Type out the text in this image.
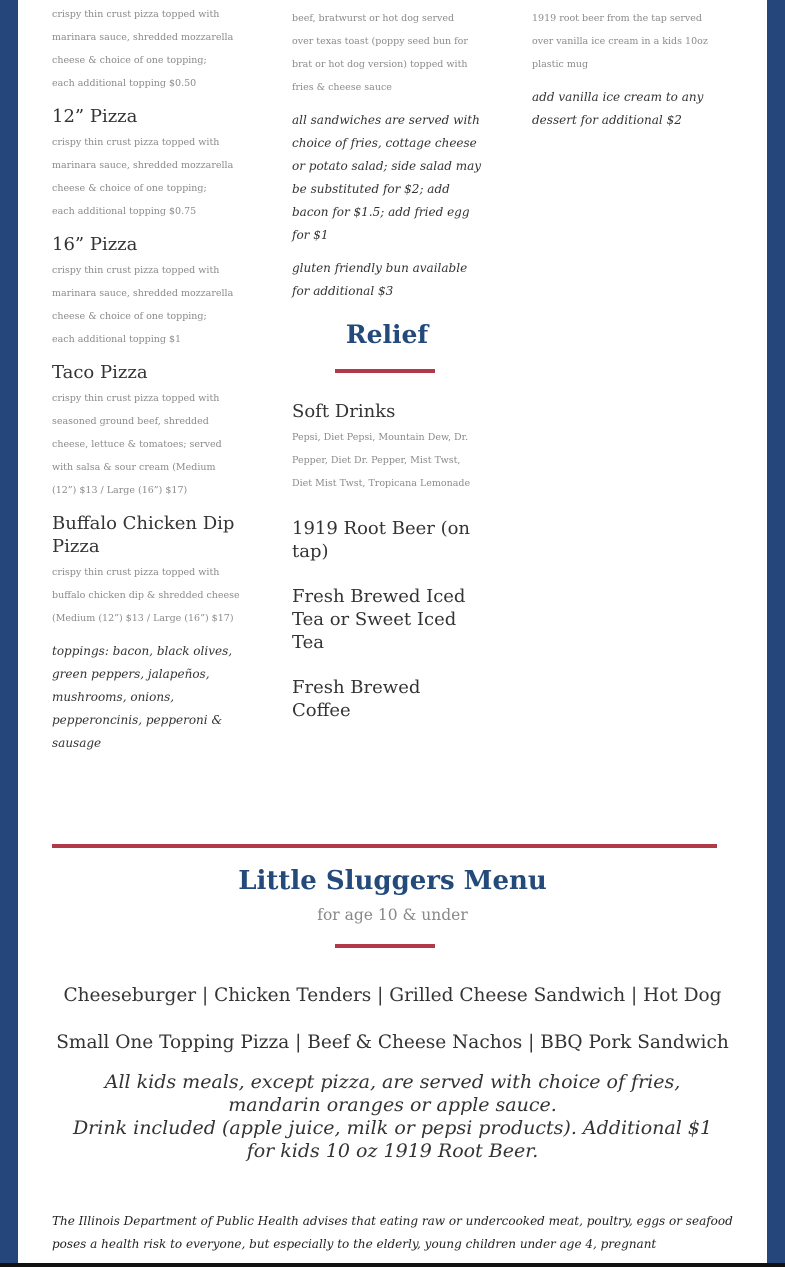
crispy thin crust pizza topped with
marinara sauce, shredded mozzarella
cheese & choice of one topping;
each additional topping $0.50
12” Pizza
crispy thin crust pizza topped with
marinara sauce, shredded mozzarella
cheese & choice of one topping;
each additional topping $0.75
16” Pizza
crispy thin crust pizza topped with
marinara sauce, shredded mozzarella
cheese & choice of one topping;
each additional topping $1
Taco Pizza
crispy thin crust pizza topped with
seasoned ground beef, shredded
cheese, lettuce & tomatoes; served
with salsa & sour cream (Medium
(12”) $13 / Large (16”) $17)
Buffalo Chicken Dip Pizza
crispy thin crust pizza topped with
buffalo chicken dip & shredded cheese
(Medium (12”) $13 / Large (16”) $17)
toppings: bacon, black olives, green peppers, jalapeños, mushrooms, onions, pepperoncinis, pepperoni & sausage
beef, bratwurst or hot dog served
over texas toast (poppy seed bun for
brat or hot dog version) topped with
fries & cheese sauce
all sandwiches are served with choice of fries, cottage cheese or potato salad; side salad may be substituted for $2; add bacon for $1.5; add fried egg for $1
gluten friendly bun available for additional $3
Relief
Soft Drinks
Pepsi, Diet Pepsi, Mountain Dew, Dr.
Pepper, Diet Dr. Pepper, Mist Twst,
Diet Mist Twst, Tropicana Lemonade
1919 Root Beer (on tap)
Fresh Brewed Iced Tea or Sweet Iced Tea
Fresh Brewed Coffee
1919 root beer from the tap served
over vanilla ice cream in a kids 10oz
plastic mug
add vanilla ice cream to any dessert for additional $2
Little Sluggers Menu
for age 10 & under
Cheeseburger | Chicken Tenders | Grilled Cheese Sandwich | Hot Dog
Small One Topping Pizza | Beef & Cheese Nachos | BBQ Pork Sandwich
All kids meals, except pizza, are served with choice of fries, mandarin oranges or apple sauce.
Drink included (apple juice, milk or pepsi products). Additional $1 for kids 10 oz 1919 Root Beer.
The Illinois Department of Public Health advises that eating raw or undercooked meat, poultry, eggs or seafood poses a health risk to everyone, but especially to the elderly, young children under age 4, pregnant
